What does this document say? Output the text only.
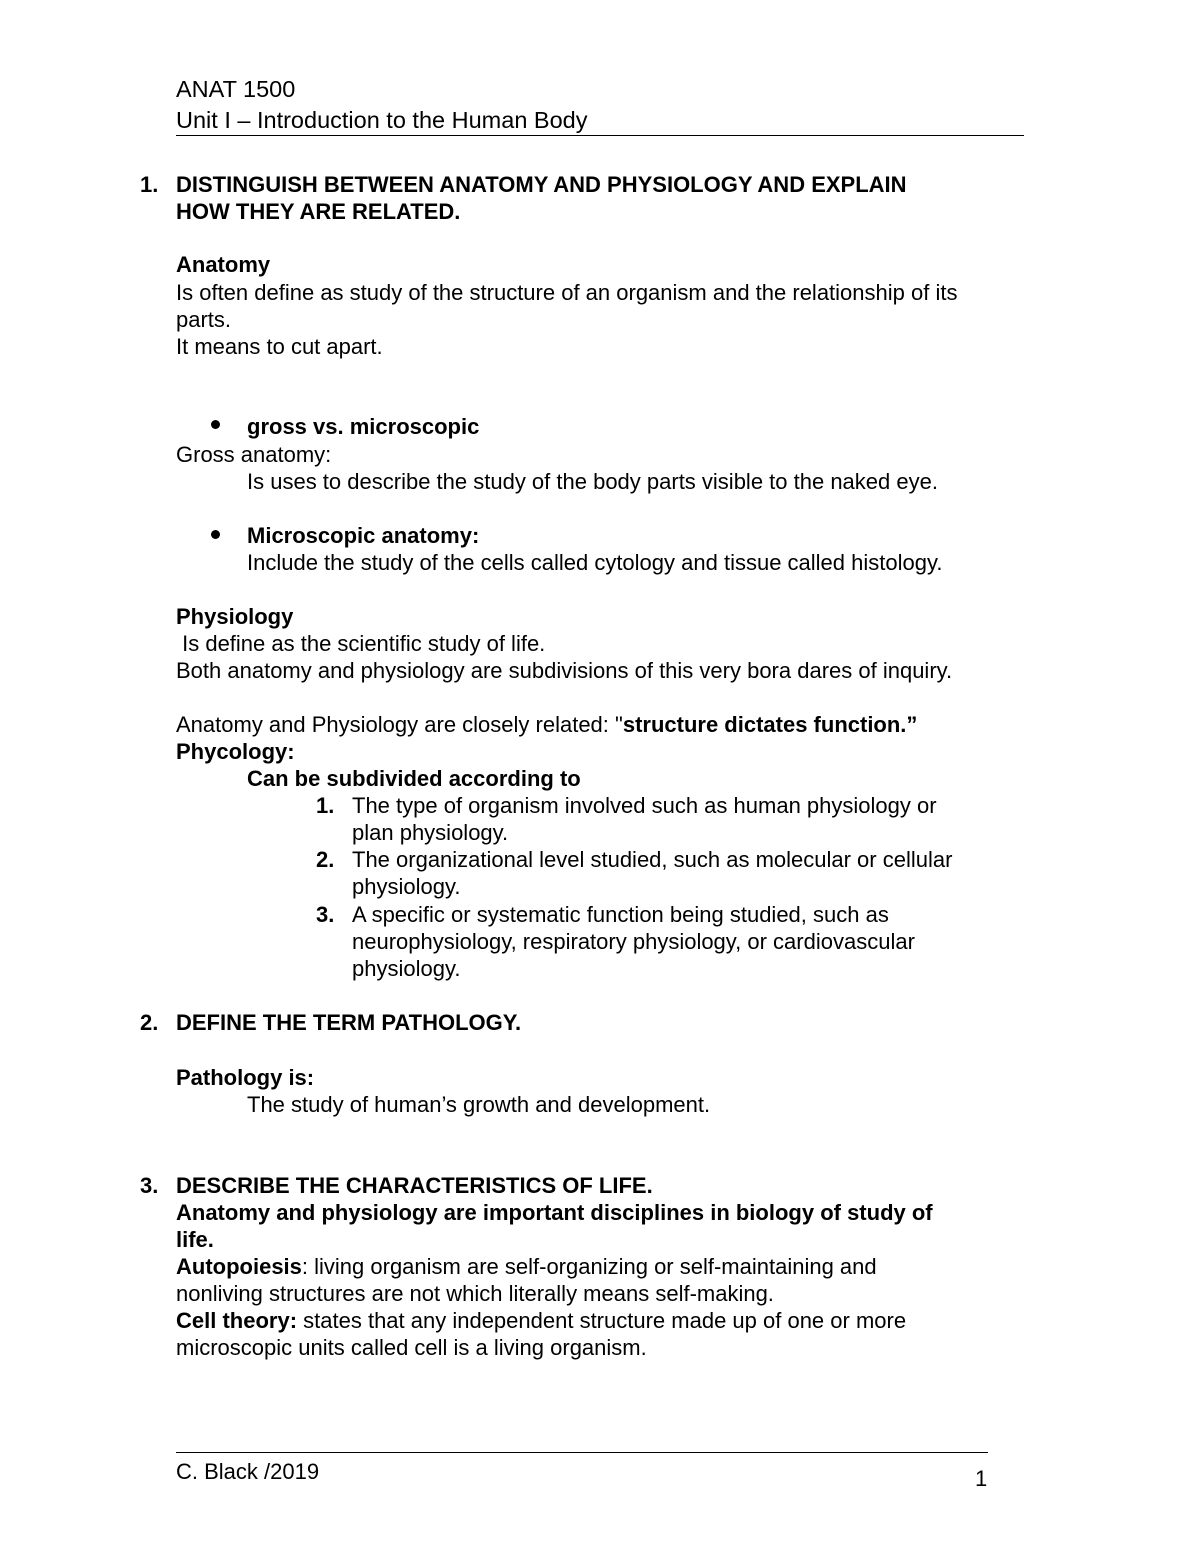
ANAT 1500
Unit I – Introduction to the Human Body
1. DISTINGUISH BETWEEN ANATOMY AND PHYSIOLOGY AND EXPLAIN
HOW THEY ARE RELATED.
Anatomy
Is often define as study of the structure of an organism and the relationship of its
parts.
It means to cut apart.
gross vs. microscopic
Gross anatomy:
Is uses to describe the study of the body parts visible to the naked eye.
Microscopic anatomy:
Include the study of the cells called cytology and tissue called histology.
Physiology
Is define as the scientific study of life.
Both anatomy and physiology are subdivisions of this very bora dares of inquiry.
Anatomy and Physiology are closely related: "structure dictates function.”
Phycology:
Can be subdivided according to
1. The type of organism involved such as human physiology or
plan physiology.
2. The organizational level studied, such as molecular or cellular
physiology.
3. A specific or systematic function being studied, such as
neurophysiology, respiratory physiology, or cardiovascular
physiology.
2. DEFINE THE TERM PATHOLOGY.
Pathology is:
The study of human’s growth and development.
3. DESCRIBE THE CHARACTERISTICS OF LIFE.
Anatomy and physiology are important disciplines in biology of study of
life.
Autopoiesis: living organism are self-organizing or self-maintaining and
nonliving structures are not which literally means self-making.
Cell theory: states that any independent structure made up of one or more
microscopic units called cell is a living organism.
C. Black /2019	1
